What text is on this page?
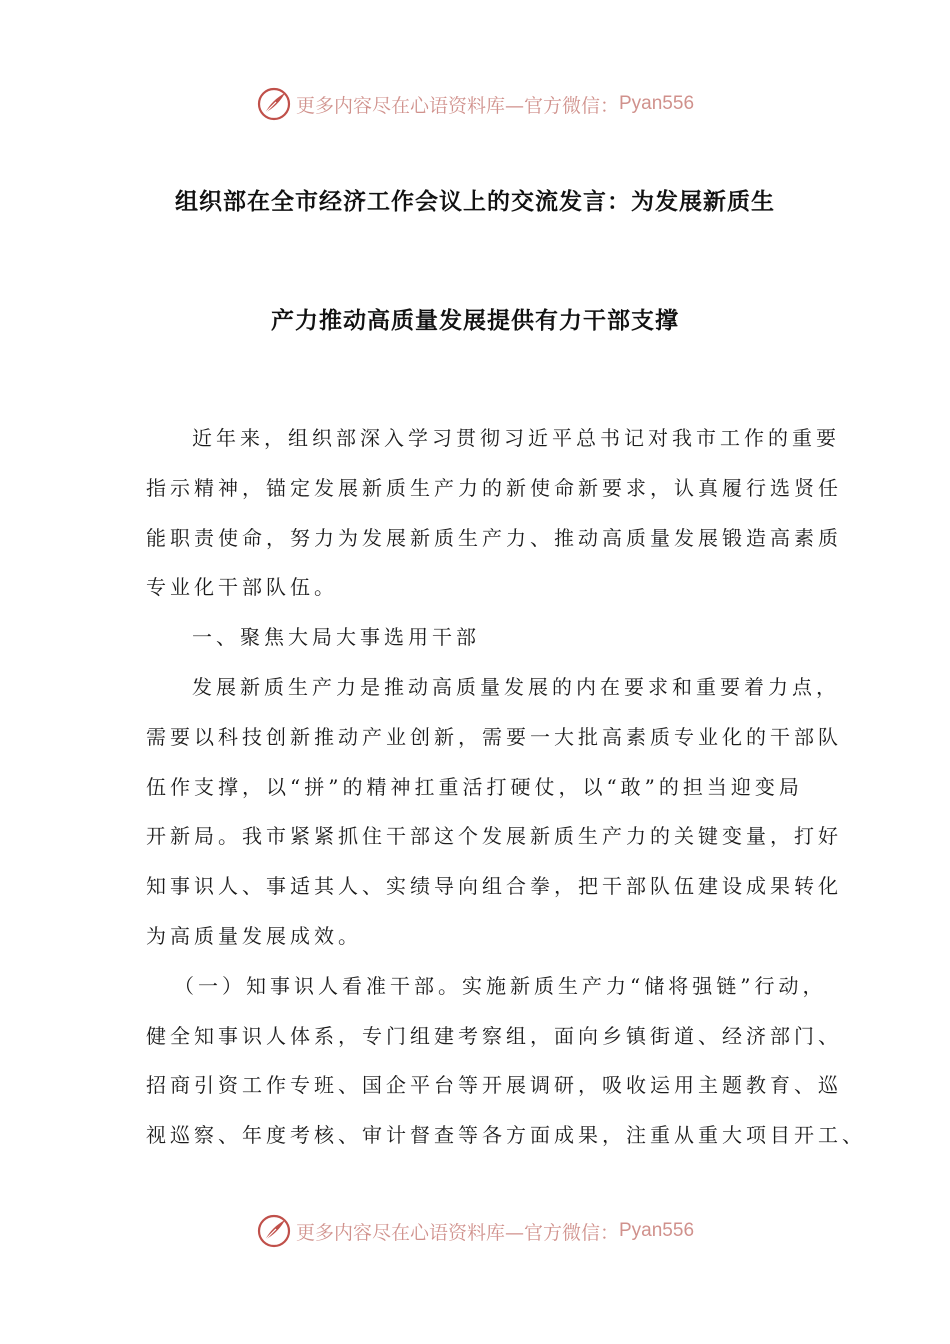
更多内容尽在心语资料库—官方微信： Pyan556
组织部在全市经济工作会议上的交流发言：为发展新质生
产力推动高质量发展提供有力干部支撑
近年来，组织部深入学习贯彻习近平总书记对我市工作的重要
指示精神，锚定发展新质生产力的新使命新要求，认真履行选贤任
能职责使命，努力为发展新质生产力、推动高质量发展锻造高素质
专业化干部队伍。
一、聚焦大局大事选用干部
发展新质生产力是推动高质量发展的内在要求和重要着力点，
需要以科技创新推动产业创新，需要一大批高素质专业化的干部队
伍作支撑，以“拼”的精神扛重活打硬仗，以“敢”的担当迎变局
开新局。我市紧紧抓住干部这个发展新质生产力的关键变量，打好
知事识人、事适其人、实绩导向组合拳，把干部队伍建设成果转化
为高质量发展成效。
（一）知事识人看准干部。实施新质生产力“储将强链”行动，
健全知事识人体系，专门组建考察组，面向乡镇街道、经济部门、
招商引资工作专班、国企平台等开展调研，吸收运用主题教育、巡
视巡察、年度考核、审计督查等各方面成果，注重从重大项目开工、
更多内容尽在心语资料库—官方微信： Pyan556
